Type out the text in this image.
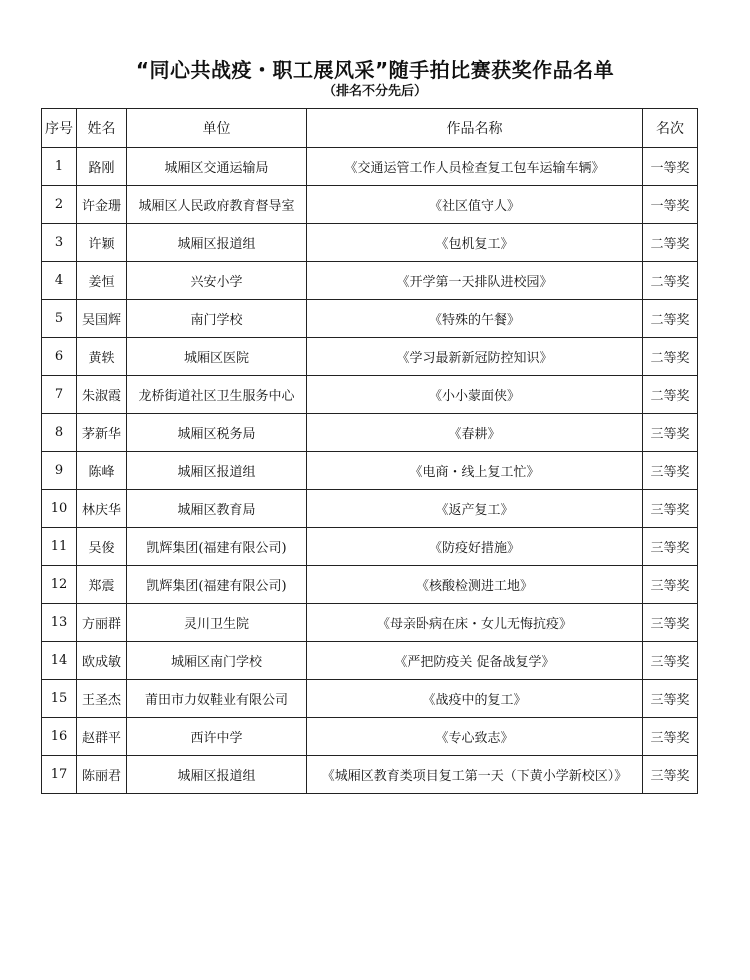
“同心共战疫・职工展风采”随手拍比赛获奖作品名单
（排名不分先后）
序号	姓名	单位	作品名称	名次
1	路刚	城厢区交通运输局	《交通运管工作人员检查复工包车运输车辆》	一等奖
2	许金珊	城厢区人民政府教育督导室	《社区值守人》	一等奖
3	许颖	城厢区报道组	《包机复工》	二等奖
4	姜恒	兴安小学	《开学第一天排队进校园》	二等奖
5	吴国辉	南门学校	《特殊的午餐》	二等奖
6	黄轶	城厢区医院	《学习最新新冠防控知识》	二等奖
7	朱淑霞	龙桥街道社区卫生服务中心	《小小蒙面侠》	二等奖
8	茅新华	城厢区税务局	《春耕》	三等奖
9	陈峰	城厢区报道组	《电商・线上复工忙》	三等奖
10	林庆华	城厢区教育局	《返产复工》	三等奖
11	吴俊	凯辉集团(福建有限公司)	《防疫好措施》	三等奖
12	郑震	凯辉集团(福建有限公司)	《核酸检测进工地》	三等奖
13	方丽群	灵川卫生院	《母亲卧病在床・女儿无悔抗疫》	三等奖
14	欧成敏	城厢区南门学校	《严把防疫关 促备战复学》	三等奖
15	王圣杰	莆田市力奴鞋业有限公司	《战疫中的复工》	三等奖
16	赵群平	西许中学	《专心致志》	三等奖
17	陈丽君	城厢区报道组	《城厢区教育类项目复工第一天（下黄小学新校区）》	三等奖
